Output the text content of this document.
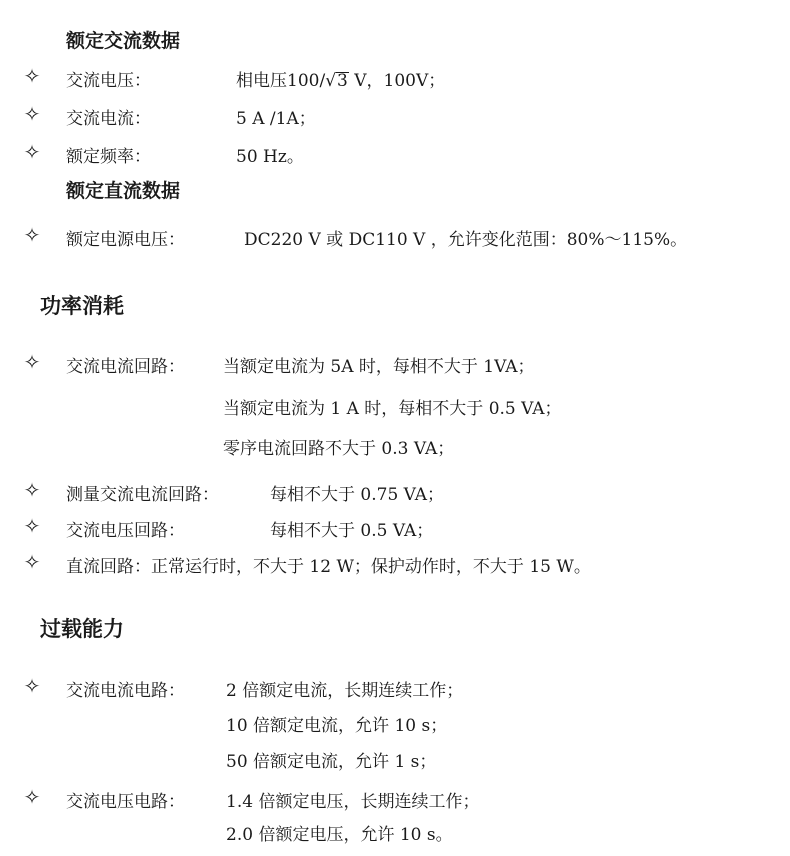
额定交流数据
✧ 交流电压：	相电压100/√3 V，100V；
✧ 交流电流：	5 A /1A；
✧ 额定频率：	50 Hz。
额定直流数据
✧ 额定电源电压：	DC220 V 或 DC110 V ，允许变化范围：80%～115%。
功率消耗
✧ 交流电流回路： 当额定电流为 5A 时，每相不大于 1VA；
当额定电流为 1 A 时，每相不大于 0.5 VA；
零序电流回路不大于 0.3 VA；
✧ 测量交流电流回路：	每相不大于 0.75 VA；
✧ 交流电压回路：	每相不大于 0.5 VA；
✧ 直流回路：正常运行时，不大于 12 W；保护动作时，不大于 15 W。
过载能力
✧ 交流电流电路： 2 倍额定电流，长期连续工作；
10 倍额定电流，允许 10 s；
50 倍额定电流，允许 1 s；
✧ 交流电压电路： 1.4 倍额定电压，长期连续工作；
2.0 倍额定电压，允许 10 s。
